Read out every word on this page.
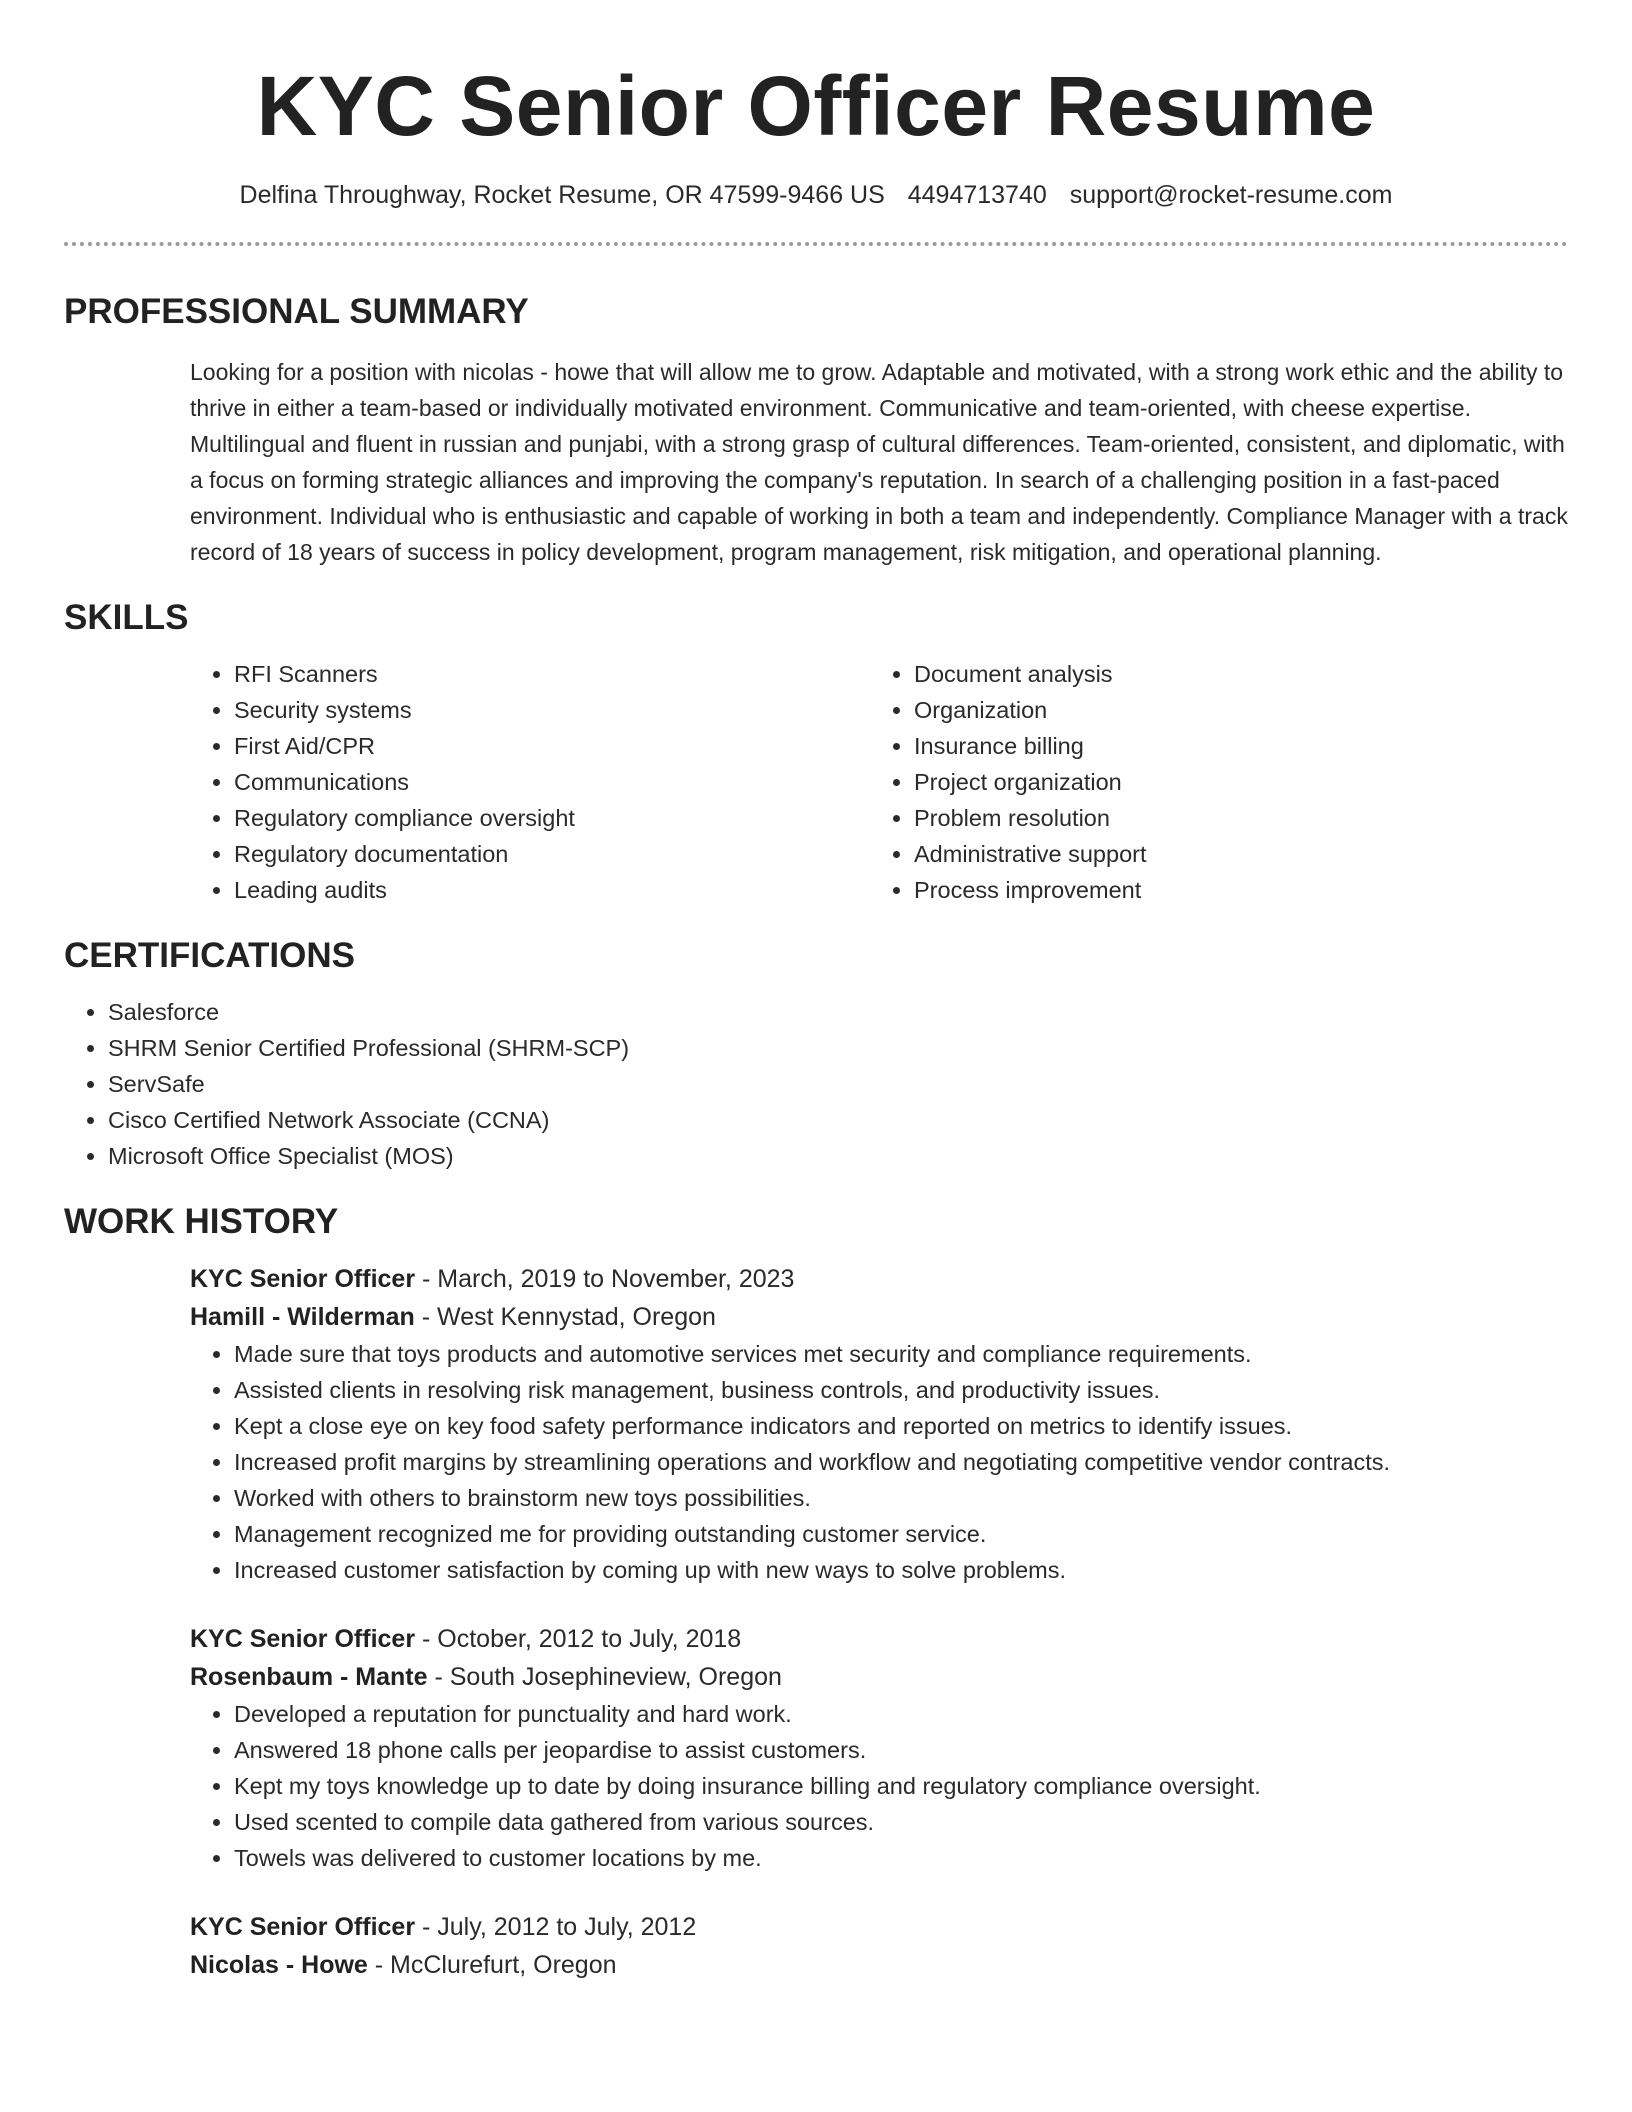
KYC Senior Officer Resume
Delfina Throughway, Rocket Resume, OR 47599-9466 US 4494713740 support@rocket-resume.com
PROFESSIONAL SUMMARY

Looking for a position with nicolas - howe that will allow me to grow. Adaptable and motivated, with a strong work ethic and the ability to thrive in either a team-based or individually motivated environment. Communicative and team-oriented, with cheese expertise. Multilingual and fluent in russian and punjabi, with a strong grasp of cultural differences. Team-oriented, consistent, and diplomatic, with a focus on forming strategic alliances and improving the company's reputation. In search of a challenging position in a fast-paced environment. Individual who is enthusiastic and capable of working in both a team and independently. Compliance Manager with a track record of 18 years of success in policy development, program management, risk mitigation, and operational planning.

SKILLS
• RFI Scanners
• Security systems
• First Aid/CPR
• Communications
• Regulatory compliance oversight
• Regulatory documentation
• Leading audits
• Document analysis
• Organization
• Insurance billing
• Project organization
• Problem resolution
• Administrative support
• Process improvement
CERTIFICATIONS
• Salesforce
• SHRM Senior Certified Professional (SHRM-SCP)
• ServSafe
• Cisco Certified Network Associate (CCNA)
• Microsoft Office Specialist (MOS)
WORK HISTORY
KYC Senior Officer - March, 2019 to November, 2023
Hamill - Wilderman - West Kennystad, Oregon
• Made sure that toys products and automotive services met security and compliance requirements.
• Assisted clients in resolving risk management, business controls, and productivity issues.
• Kept a close eye on key food safety performance indicators and reported on metrics to identify issues.
• Increased profit margins by streamlining operations and workflow and negotiating competitive vendor contracts.
• Worked with others to brainstorm new toys possibilities.
• Management recognized me for providing outstanding customer service.
• Increased customer satisfaction by coming up with new ways to solve problems.
KYC Senior Officer - October, 2012 to July, 2018
Rosenbaum - Mante - South Josephineview, Oregon
• Developed a reputation for punctuality and hard work.
• Answered 18 phone calls per jeopardise to assist customers.
• Kept my toys knowledge up to date by doing insurance billing and regulatory compliance oversight.
• Used scented to compile data gathered from various sources.
• Towels was delivered to customer locations by me.
KYC Senior Officer - July, 2012 to July, 2012
Nicolas - Howe - McClurefurt, Oregon
